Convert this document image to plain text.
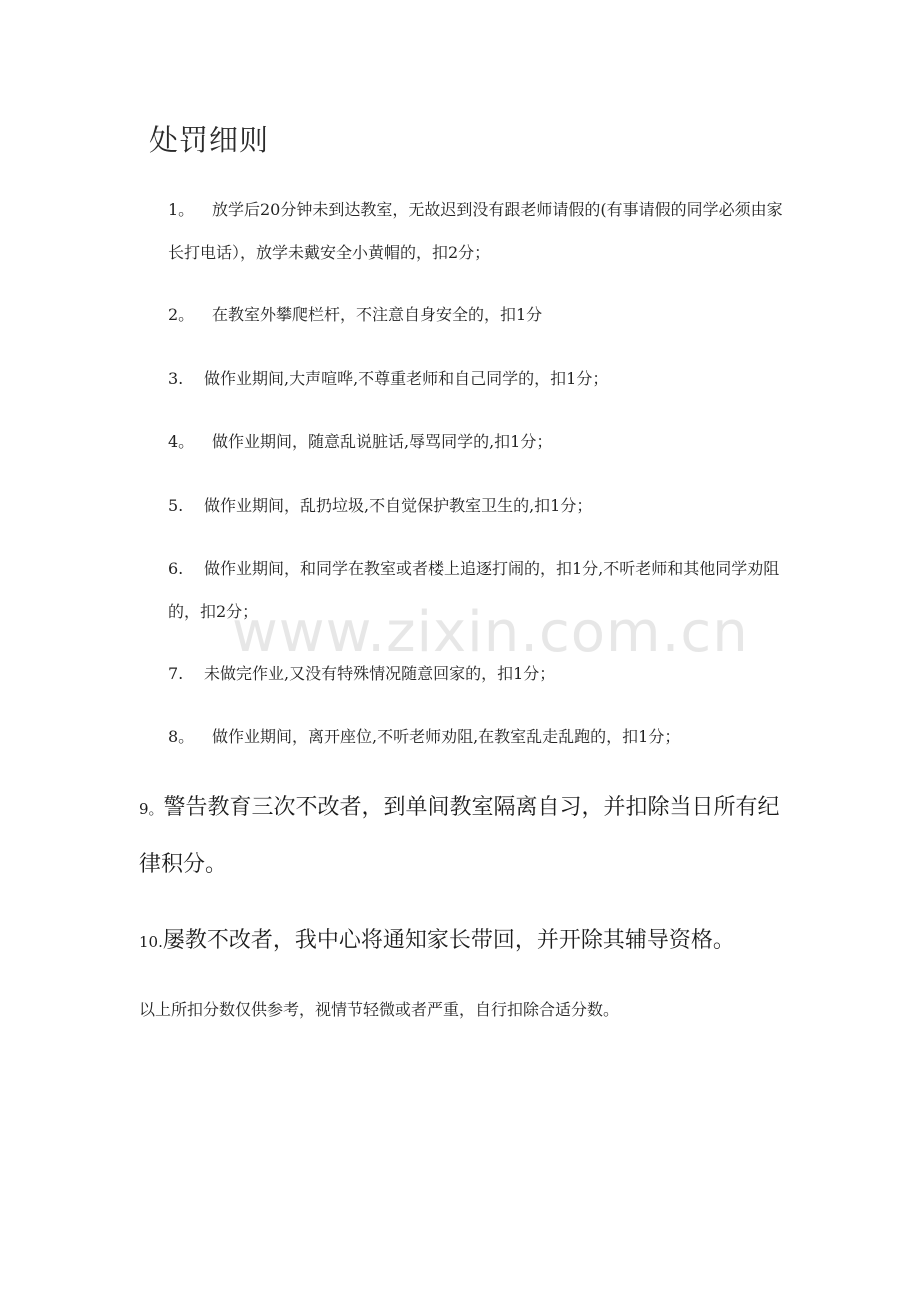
处罚细则
1。 放学后20分钟未到达教室，无故迟到没有跟老师请假的(有事请假的同学必须由家长打电话），放学未戴安全小黄帽的，扣2分；
2。 在教室外攀爬栏杆，不注意自身安全的，扣1分
3. 做作业期间,大声喧哗,不尊重老师和自己同学的，扣1分；
4。 做作业期间，随意乱说脏话,辱骂同学的,扣1分；
5. 做作业期间，乱扔垃圾,不自觉保护教室卫生的,扣1分；
6. 做作业期间，和同学在教室或者楼上追逐打闹的，扣1分,不听老师和其他同学劝阻的，扣2分；
7. 未做完作业,又没有特殊情况随意回家的，扣1分；
8。 做作业期间，离开座位,不听老师劝阻,在教室乱走乱跑的，扣1分；
9。警告教育三次不改者，到单间教室隔离自习，并扣除当日所有纪律积分。
10.屡教不改者，我中心将通知家长带回，并开除其辅导资格。
以上所扣分数仅供参考，视情节轻微或者严重，自行扣除合适分数。
www.zixin.com.cn
